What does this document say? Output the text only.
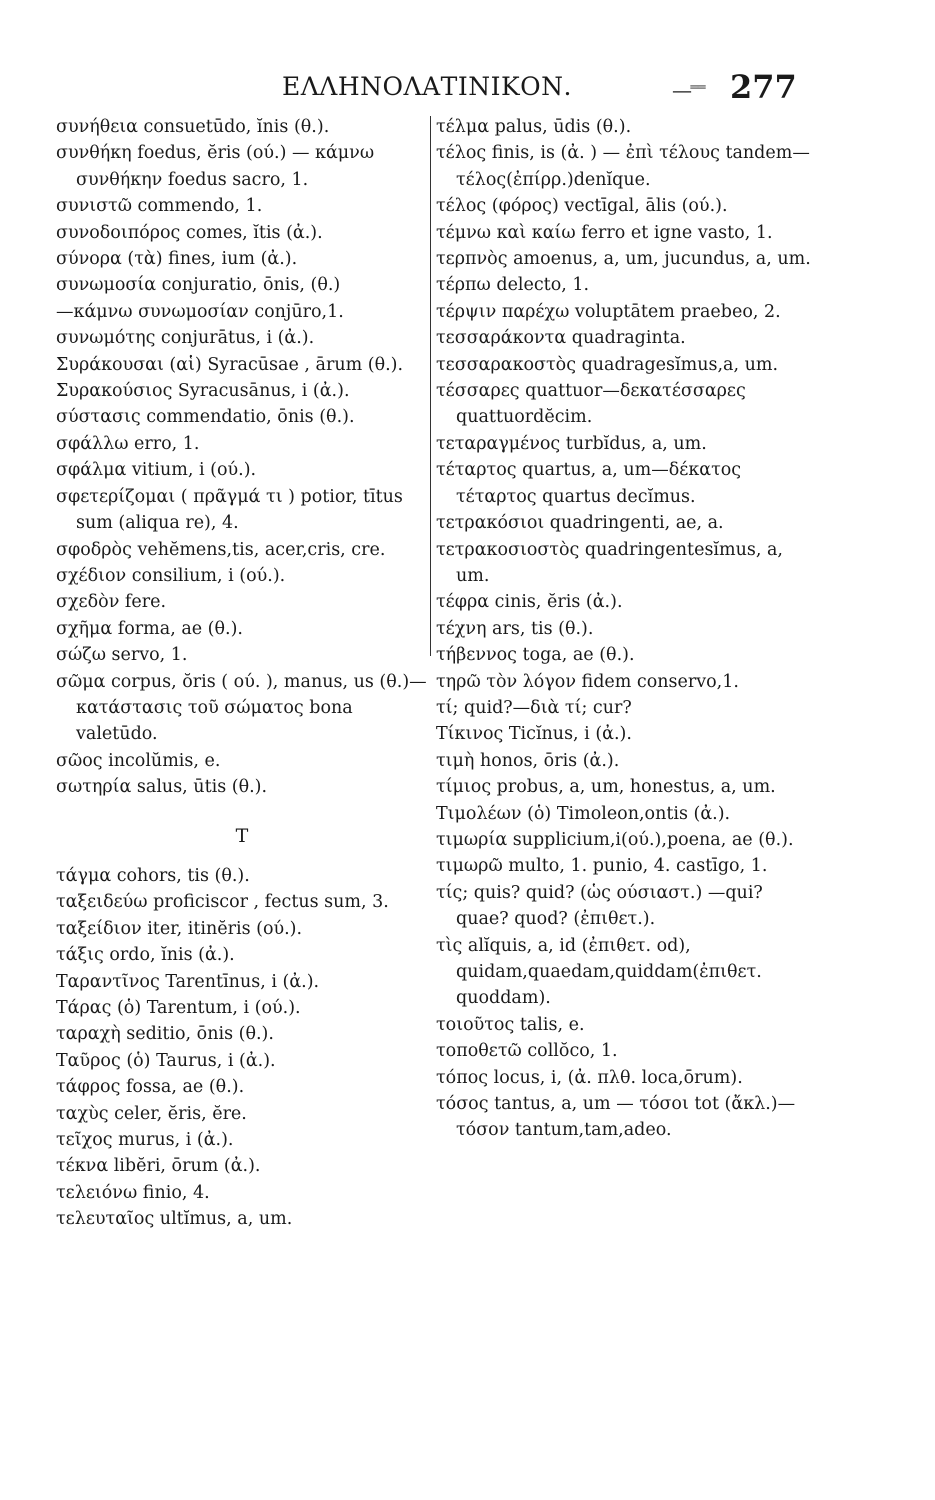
ΕΛΛΗΝΟΛΑΤΙΝΙΚΟΝ.	—⁼⁼ 277
συνήθεια consuetūdo, ĭnis (θ.).
συνθήκη foedus, ĕris (ού.) — κάμνω συνθήκην foedus sacro, 1.
συνιστῶ commendo, 1.
συνοδοιπόρος comes, ĭtis (ἀ.).
σύνορα (τὰ) fines, ium (ἀ.).
συνωμοσία conjuratio, ōnis, (θ.)
—κάμνω συνωμοσίαν conjūro,1.
συνωμότης conjurātus, i (ἀ.).
Συράκουσαι (αἱ) Syracūsae , ārum (θ.).
Συρακούσιος Syracusānus, i (ἀ.).
σύστασις commendatio, ōnis (θ.).
σφάλλω erro, 1.
σφάλμα vitium, i (ού.).
σφετερίζομαι ( πρᾶγμά τι ) potior, tītus sum (aliqua re), 4.
σφοδρὸς vehĕmens,tis, acer,cris, cre.
σχέδιον consilium, i (ού.).
σχεδὸν fere.
σχῆμα forma, ae (θ.).
σώζω servo, 1.
σῶμα corpus, ŏris ( ού. ), manus, us (θ.)—κατάστασις τοῦ σώματος bona valetūdo.
σῶος incolŭmis, e.
σωτηρία salus, ūtis (θ.).
T
τάγμα cohors, tis (θ.).
ταξειδεύω proficiscor , fectus sum, 3.
ταξείδιον iter, itinĕris (ού.).
τάξις ordo, ĭnis (ἀ.).
Ταραντῖνος Tarentīnus, i (ἀ.).
Τάρας (ὁ) Tarentum, i (ού.).
ταραχὴ seditio, ōnis (θ.).
Ταῦρος (ὁ) Taurus, i (ἀ.).
τάφρος fossa, ae (θ.).
ταχὺς celer, ĕris, ĕre.
τεῖχος murus, i (ἀ.).
τέκνα libĕri, ōrum (ἀ.).
τελειόνω finio, 4.
τελευταῖος ultĭmus, a, um.
τέλμα palus, ūdis (θ.).
τέλος finis, is (ἀ. ) — ἐπὶ τέλους tandem—τέλος(ἐπίρρ.)denĭque.
τέλος (φόρος) vectīgal, ālis (ού.).
τέμνω καὶ καίω ferro et igne vasto, 1.
τερπνὸς amoenus, a, um, jucundus, a, um.
τέρπω delecto, 1.
τέρψιν παρέχω voluptātem praebeo, 2.
τεσσαράκοντα quadraginta.
τεσσαρακοστὸς quadragesĭmus,a, um.
τέσσαρες quattuor—δεκατέσσαρες quattuordĕcim.
τεταραγμένος turbĭdus, a, um.
τέταρτος quartus, a, um—δέκατος τέταρτος quartus decĭmus.
τετρακόσιοι quadringenti, ae, a.
τετρακοσιοστὸς quadringentesĭmus, a, um.
τέφρα cinis, ĕris (ἀ.).
τέχνη ars, tis (θ.).
τήβεννος toga, ae (θ.).
τηρῶ τὸν λόγον fidem conservo,1.
τί; quid?—διὰ τί; cur?
Τίκινος Ticĭnus, i (ἀ.).
τιμὴ honos, ōris (ἀ.).
τίμιος probus, a, um, honestus, a, um.
Τιμολέων (ὁ) Timoleon,ontis (ἀ.).
τιμωρία supplicium,i(ού.),poena, ae (θ.).
τιμωρῶ multo, 1. punio, 4. castīgo, 1.
τίς; quis? quid? (ὡς ούσιαστ.) —qui? quae? quod? (ἐπιθετ.).
τὶς alĭquis, a, id (ἐπιθετ. od), quidam,quaedam,quiddam(ἐπιθετ. quoddam).
τοιοῦτος talis, e.
τοποθετῶ collŏco, 1.
τόπος locus, i, (ἀ. πλθ. loca,ōrum).
τόσος tantus, a, um — τόσοι tot (ἄκλ.)—τόσον tantum,tam,adeo.
